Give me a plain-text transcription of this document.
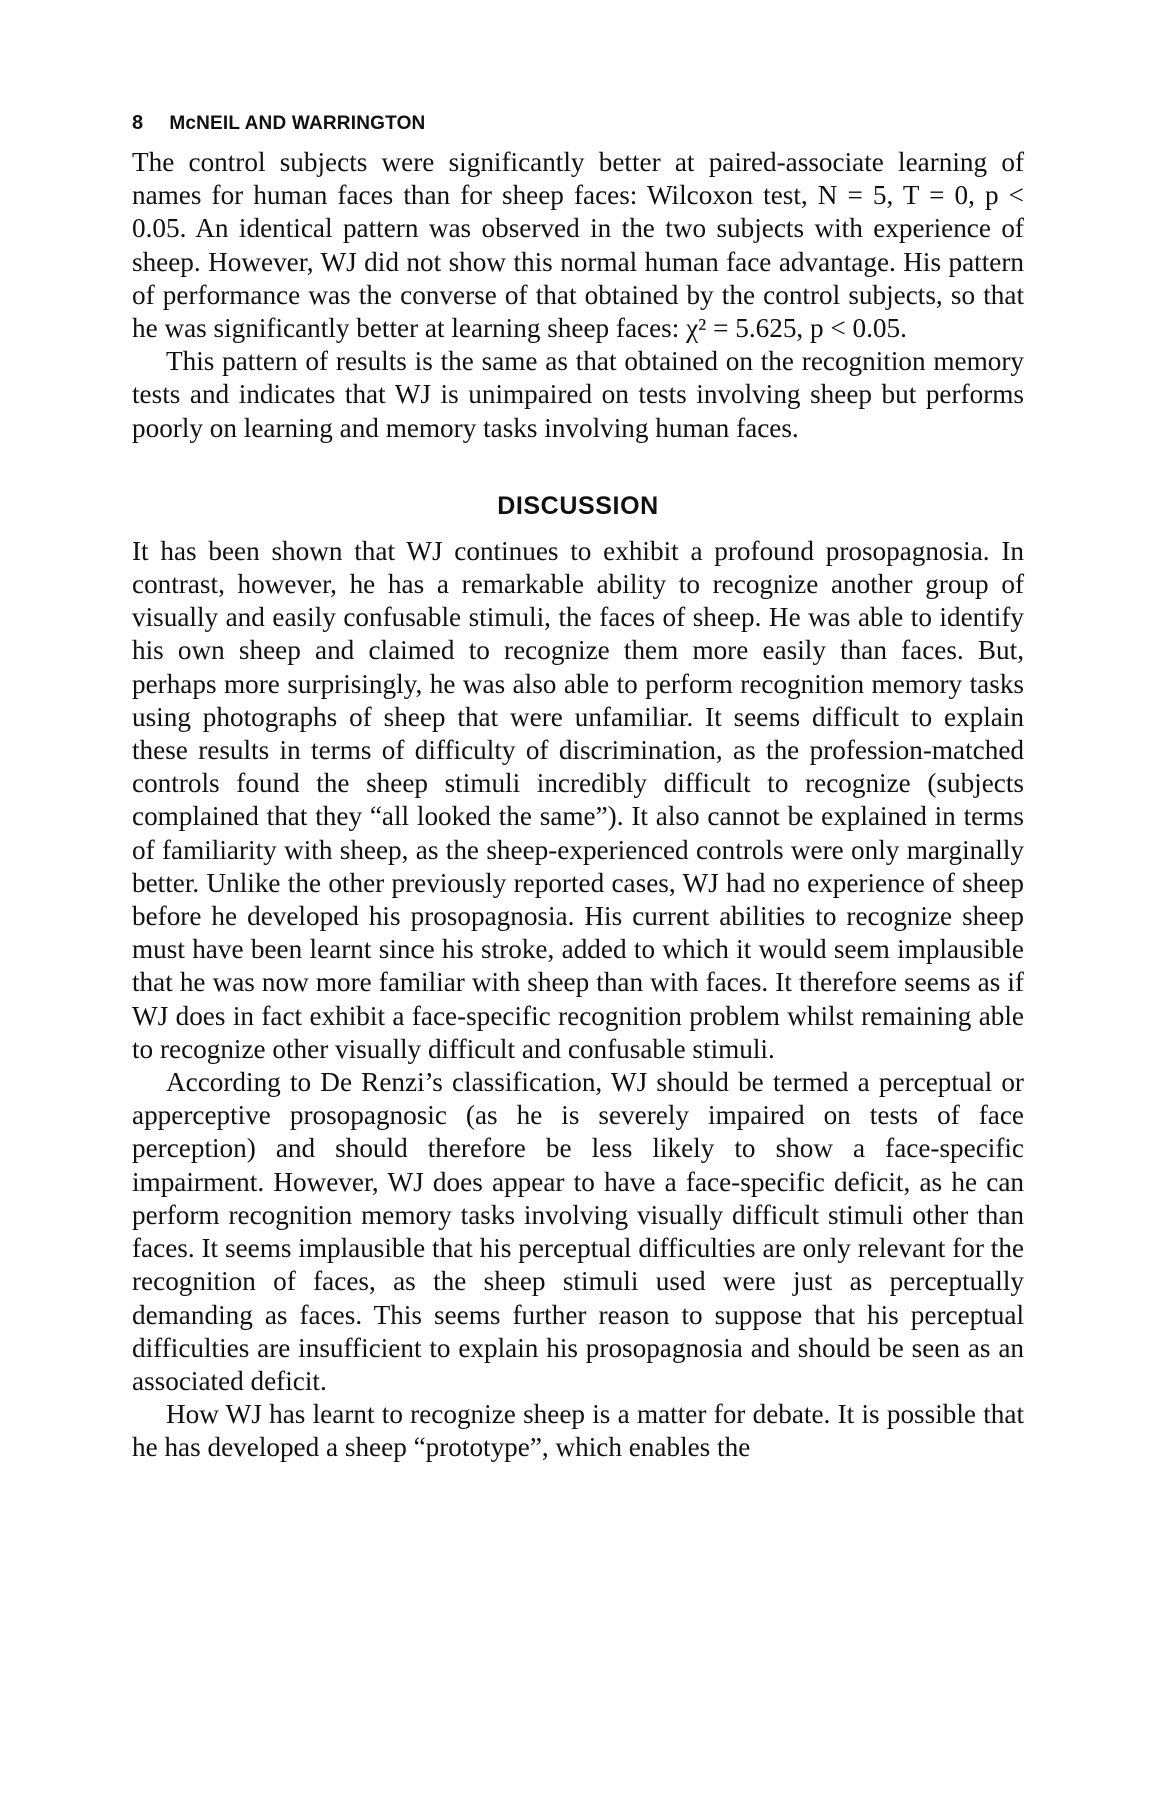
8 McNEIL AND WARRINGTON

The control subjects were significantly better at paired-associate learning of names for human faces than for sheep faces: Wilcoxon test, N = 5, T = 0, p < 0.05. An identical pattern was observed in the two subjects with experience of sheep. However, WJ did not show this normal human face advantage. His pattern of performance was the converse of that obtained by the control subjects, so that he was significantly better at learning sheep faces: χ² = 5.625, p < 0.05.

This pattern of results is the same as that obtained on the recognition memory tests and indicates that WJ is unimpaired on tests involving sheep but performs poorly on learning and memory tasks involving human faces.

DISCUSSION

It has been shown that WJ continues to exhibit a profound prosopagnosia. In contrast, however, he has a remarkable ability to recognize another group of visually and easily confusable stimuli, the faces of sheep. He was able to identify his own sheep and claimed to recognize them more easily than faces. But, perhaps more surprisingly, he was also able to perform recognition memory tasks using photographs of sheep that were unfamiliar. It seems difficult to explain these results in terms of difficulty of discrimination, as the profession-matched controls found the sheep stimuli incredibly difficult to recognize (subjects complained that they “all looked the same”). It also cannot be explained in terms of familiarity with sheep, as the sheep-experienced controls were only marginally better. Unlike the other previously reported cases, WJ had no experience of sheep before he developed his prosopagnosia. His current abilities to recognize sheep must have been learnt since his stroke, added to which it would seem implausible that he was now more familiar with sheep than with faces. It therefore seems as if WJ does in fact exhibit a face-specific recognition problem whilst remaining able to recognize other visually difficult and confusable stimuli.

According to De Renzi’s classification, WJ should be termed a perceptual or apperceptive prosopagnosic (as he is severely impaired on tests of face perception) and should therefore be less likely to show a face-specific impairment. However, WJ does appear to have a face-specific deficit, as he can perform recognition memory tasks involving visually difficult stimuli other than faces. It seems implausible that his perceptual difficulties are only relevant for the recognition of faces, as the sheep stimuli used were just as perceptually demanding as faces. This seems further reason to suppose that his perceptual difficulties are insufficient to explain his prosopagnosia and should be seen as an associated deficit.

How WJ has learnt to recognize sheep is a matter for debate. It is possible that he has developed a sheep “prototype”, which enables the
